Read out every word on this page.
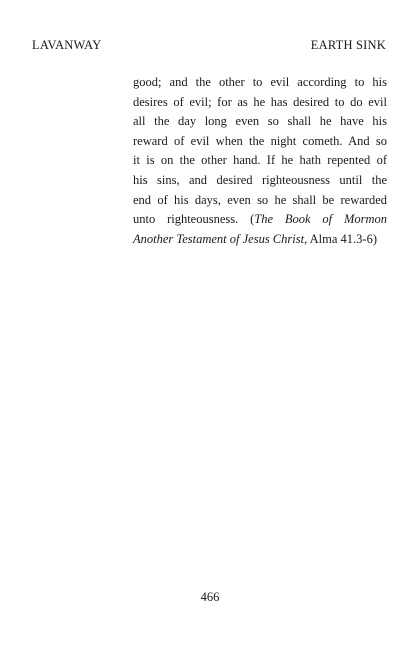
LAVANWAY	EARTH SINK
good; and the other to evil according to his
desires of evil; for as he has desired to do evil
all the day long even so shall he have his
reward of evil when the night cometh. And so
it is on the other hand. If he hath repented of
his sins, and desired righteousness until the
end of his days, even so he shall be rewarded
unto righteousness. (The Book of Mormon
Another Testament of Jesus Christ, Alma 41.3-6)
466
